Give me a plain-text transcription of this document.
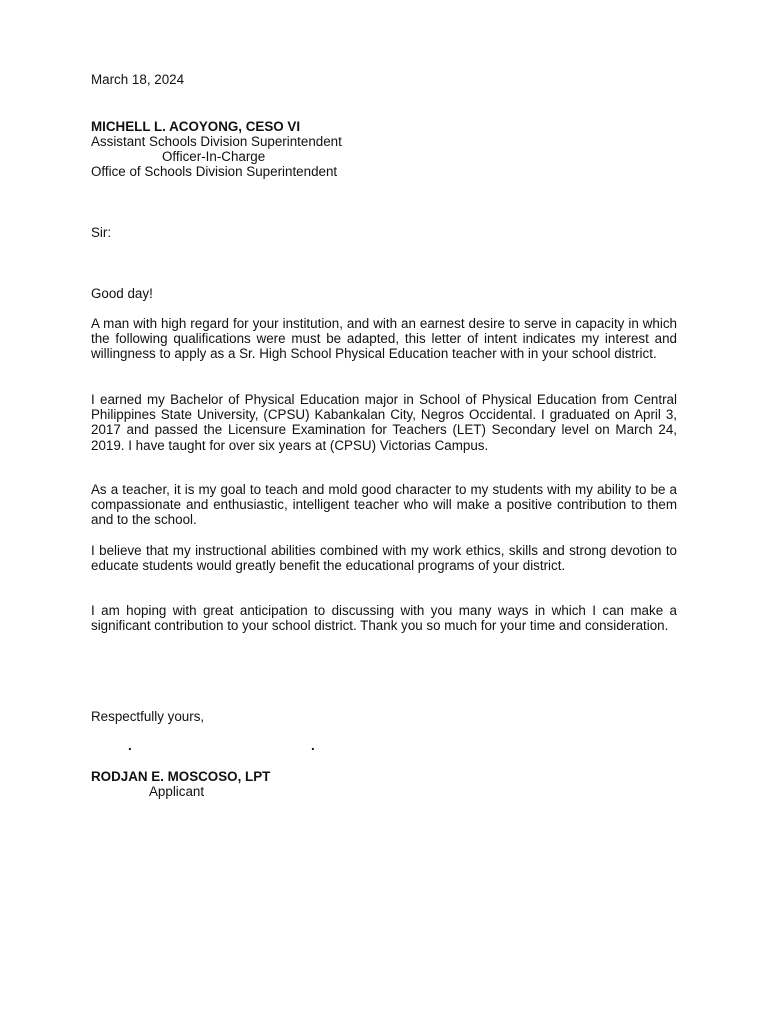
March 18, 2024
MICHELL L. ACOYONG, CESO VI
Assistant Schools Division Superintendent
Officer-In-Charge
Office of Schools Division Superintendent
Sir:
Good day!

A man with high regard for your institution, and with an earnest desire to serve in capacity in which the following qualifications were must be adapted, this letter of intent indicates my interest and willingness to apply as a Sr. High School Physical Education teacher with in your school district.

I earned my Bachelor of Physical Education major in School of Physical Education from Central Philippines State University, (CPSU) Kabankalan City, Negros Occidental. I graduated on April 3, 2017 and passed the Licensure Examination for Teachers (LET) Secondary level on March 24, 2019. I have taught for over six years at (CPSU) Victorias Campus.

As a teacher, it is my goal to teach and mold good character to my students with my ability to be a compassionate and enthusiastic, intelligent teacher who will make a positive contribution to them and to the school.

I believe that my instructional abilities combined with my work ethics, skills and strong devotion to educate students would greatly benefit the educational programs of your district.

I am hoping with great anticipation to discussing with you many ways in which I can make a significant contribution to your school district. Thank you so much for your time and consideration.

Respectfully yours,
.	.
RODJAN E. MOSCOSO, LPT
Applicant
